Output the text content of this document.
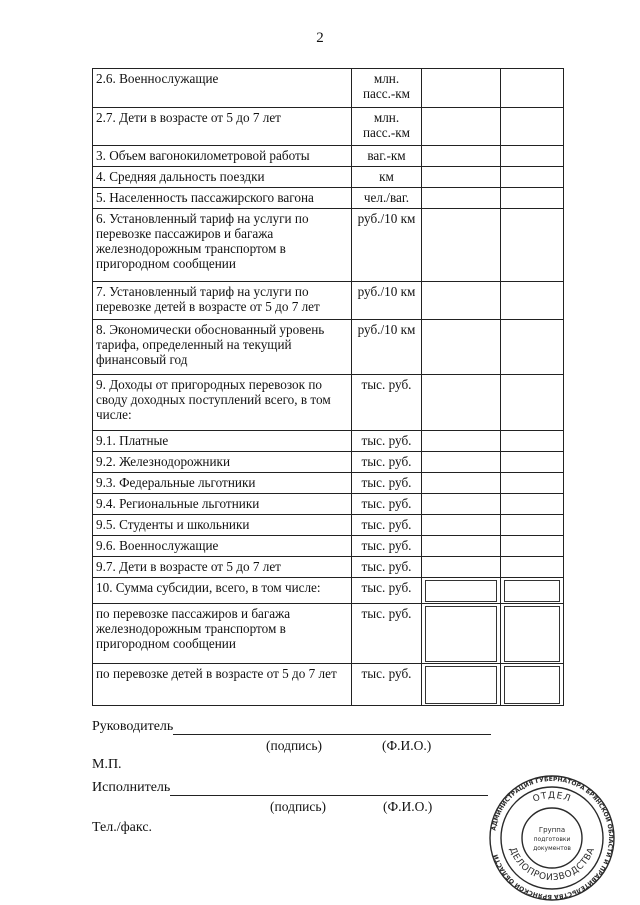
2
2.6. Военнослужащие	млн.
пасс.-км		
2.7. Дети в возрасте от 5 до 7 лет	млн.
пасс.-км		
3. Объем вагонокилометровой работы	ваг.-км		
4. Средняя дальность поездки	км		
5. Населенность пассажирского вагона	чел./ваг.		
6. Установленный тариф на услуги по перевозке пассажиров и багажа железнодорожным транспортом в пригородном сообщении	руб./10 км		
7. Установленный тариф на услуги по перевозке детей в возрасте от 5 до 7 лет	руб./10 км		
8. Экономически обоснованный уровень тарифа, определенный на текущий финансовый год	руб./10 км		
9. Доходы от пригородных перевозок по своду доходных поступлений всего, в том числе:	тыс. руб.		
9.1. Платные	тыс. руб.		
9.2. Железнодорожники	тыс. руб.		
9.3. Федеральные льготники	тыс. руб.		
9.4. Региональные льготники	тыс. руб.		
9.5. Студенты и школьники	тыс. руб.		
9.6. Военнослужащие	тыс. руб.		
9.7. Дети в возрасте от 5 до 7 лет	тыс. руб.		
10. Сумма субсидии, всего, в том числе:	тыс. руб.	

по перевозке пассажиров и багажа железнодорожным транспортом в пригородном сообщении	тыс. руб.	

по перевозке детей в возрасте от 5 до 7 лет	тыс. руб.	

Руководитель
(подпись)	(Ф.И.О.)
М.П.
Исполнитель
(подпись)	(Ф.И.О.)
Тел./факс.	АДМИНИСТРАЦИЯ ГУБЕРНАТОРА БРЯНСКОЙ ОБЛАСТИ И ПРАВИТЕЛЬСТВА БРЯНСКОЙ ОБЛАСТИ
ОТДЕЛ
ДЕЛОПРОИЗВОДСТВА
Группа
подготовки
документов
